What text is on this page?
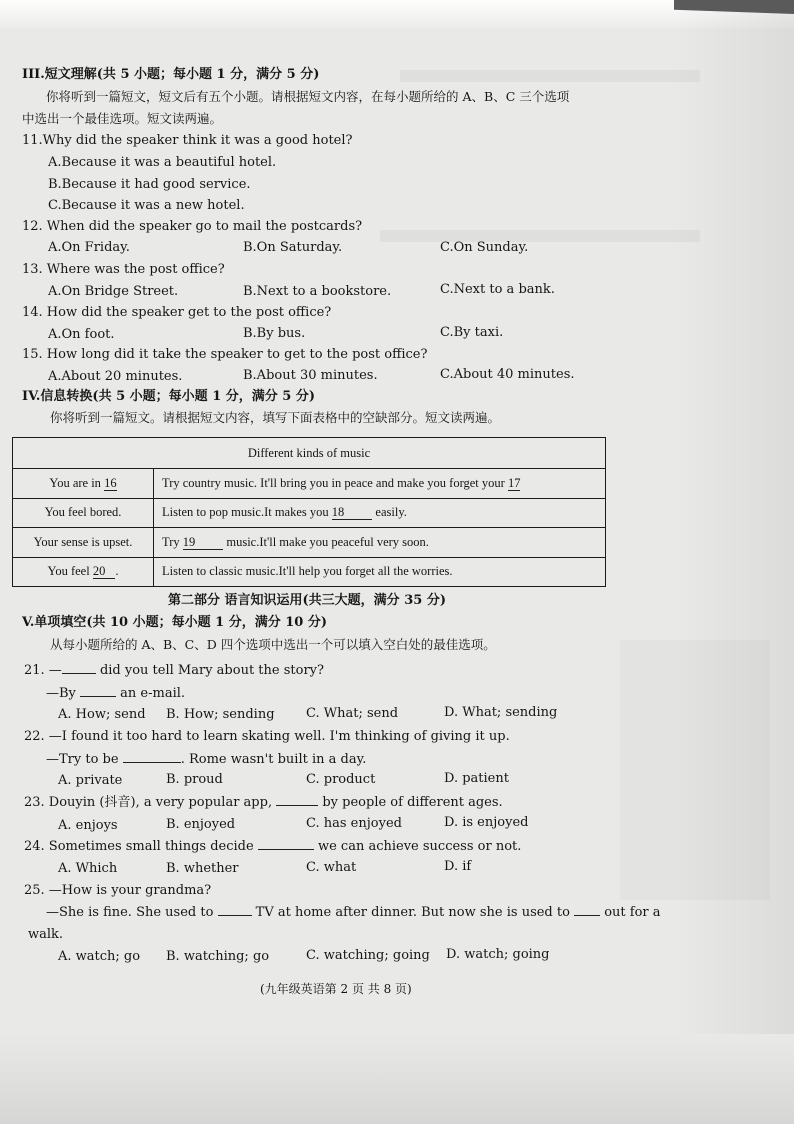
III.短文理解(共 5 小题；每小题 1 分，满分 5 分)
你将听到一篇短文，短文后有五个小题。请根据短文内容，在每小题所给的 A、B、C 三个选项
中选出一个最佳选项。短文读两遍。
11.Why did the speaker think it was a good hotel?
A.Because it was a beautiful hotel.
B.Because it had good service.
C.Because it was a new hotel.
12. When did the speaker go to mail the postcards?
A.On Friday.	B.On Saturday.	C.On Sunday.
13. Where was the post office?
A.On Bridge Street.	B.Next to a bookstore.	C.Next to a bank.
14. How did the speaker get to the post office?
A.On foot.	B.By bus.	C.By taxi.
15. How long did it take the speaker to get to the post office?
A.About 20 minutes.	B.About 30 minutes.	C.About 40 minutes.
IV.信息转换(共 5 小题；每小题 1 分，满分 5 分)
你将听到一篇短文。请根据短文内容，填写下面表格中的空缺部分。短文读两遍。
Different kinds of music	
You are in 16	Try country music. It'll bring you in peace and make you forget your 17
You feel bored.	Listen to pop music.It makes you 18 easily.
Your sense is upset.	Try 19 music.It'll make you peaceful very soon.
You feel 20 .	Listen to classic music.It'll help you forget all the worries.
第二部分 语言知识运用(共三大题，满分 35 分)
V.单项填空(共 10 小题；每小题 1 分，满分 10 分)
从每小题所给的 A、B、C、D 四个选项中选出一个可以填入空白处的最佳选项。
21. —	did you tell Mary about the story?
—By	an e-mail.
A. How; send B. How; sending C. What; send	D. What; sending
22. —I found it too hard to learn skating well. I'm thinking of giving it up.
—Try to be	. Rome wasn't built in a day.
A. private	B. proud	C. product	D. patient
23. Douyin (抖音), a very popular app,	by people of different ages.
A. enjoys	B. enjoyed	C. has enjoyed	D. is enjoyed
24. Sometimes small things decide	we can achieve success or not.
A. Which	B. whether	C. what	D. if
25. —How is your grandma?
—She is fine. She used to	TV at home after dinner. But now she is used to  out for a
walk.
A. watch; go B. watching; go	C. watching; going D. watch; going
(九年级英语第 2 页 共 8 页)
